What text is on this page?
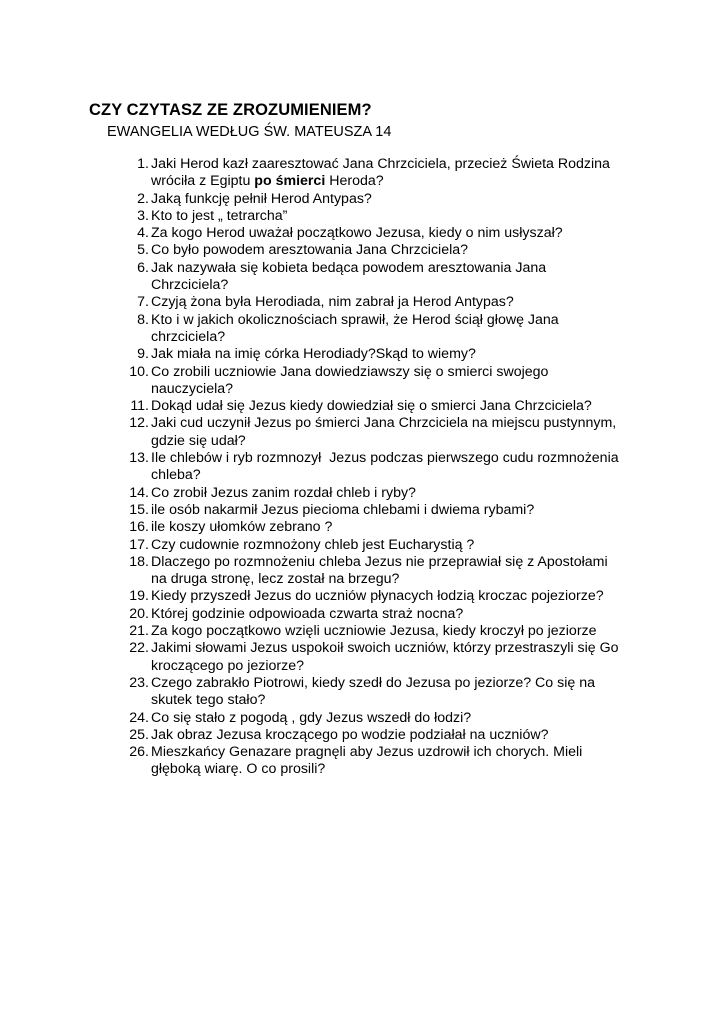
CZY CZYTASZ ZE ZROZUMIENIEM?
EWANGELIA WEDŁUG ŚW. MATEUSZA 14
1. Jaki Herod kazł zaaresztować Jana Chrzciciela, przecież Świeta Rodzina
wróciła z Egiptu po śmierci Heroda?
2. Jaką funkcję pełnił Herod Antypas?
3. Kto to jest „ tetrarcha”
4. Za kogo Herod uważał początkowo Jezusa, kiedy o nim usłyszał?
5. Co było powodem aresztowania Jana Chrzciciela?
6. Jak nazywała się kobieta bedąca powodem aresztowania Jana
Chrzciciela?
7. Czyją żona była Herodiada, nim zabrał ja Herod Antypas?
8. Kto i w jakich okolicznościach sprawił, że Herod ściął głowę Jana
chrzciciela?
9. Jak miała na imię córka Herodiady?Skąd to wiemy?
10. Co zrobili uczniowie Jana dowiedziawszy się o smierci swojego
nauczyciela?
11. Dokąd udał się Jezus kiedy dowiedział się o smierci Jana Chrzciciela?
12. Jaki cud uczynił Jezus po śmierci Jana Chrzciciela na miejscu pustynnym,
gdzie się udał?
13. Ile chlebów i ryb rozmnozył  Jezus podczas pierwszego cudu rozmnożenia
chleba?
14. Co zrobił Jezus zanim rozdał chleb i ryby?
15. ile osób nakarmił Jezus piecioma chlebami i dwiema rybami?
16. ile koszy ułomków zebrano ?
17. Czy cudownie rozmnożony chleb jest Eucharystią ?
18. Dlaczego po rozmnożeniu chleba Jezus nie przeprawiał się z Apostołami
na druga stronę, lecz został na brzegu?
19. Kiedy przyszedł Jezus do uczniów płynacych łodzią kroczac pojeziorze?
20. Której godzinie odpowioada czwarta straż nocna?
21. Za kogo początkowo wzięli uczniowie Jezusa, kiedy kroczył po jeziorze
22. Jakimi słowami Jezus uspokoił swoich uczniów, którzy przestraszyli się Go
kroczącego po jeziorze?
23. Czego zabrakło Piotrowi, kiedy szedł do Jezusa po jeziorze? Co się na
skutek tego stało?
24. Co się stało z pogodą , gdy Jezus wszedł do łodzi?
25. Jak obraz Jezusa kroczącego po wodzie podziałał na uczniów?
26. Mieszkańcy Genazare pragnęli aby Jezus uzdrowił ich chorych. Mieli
głęboką wiarę. O co prosili?
